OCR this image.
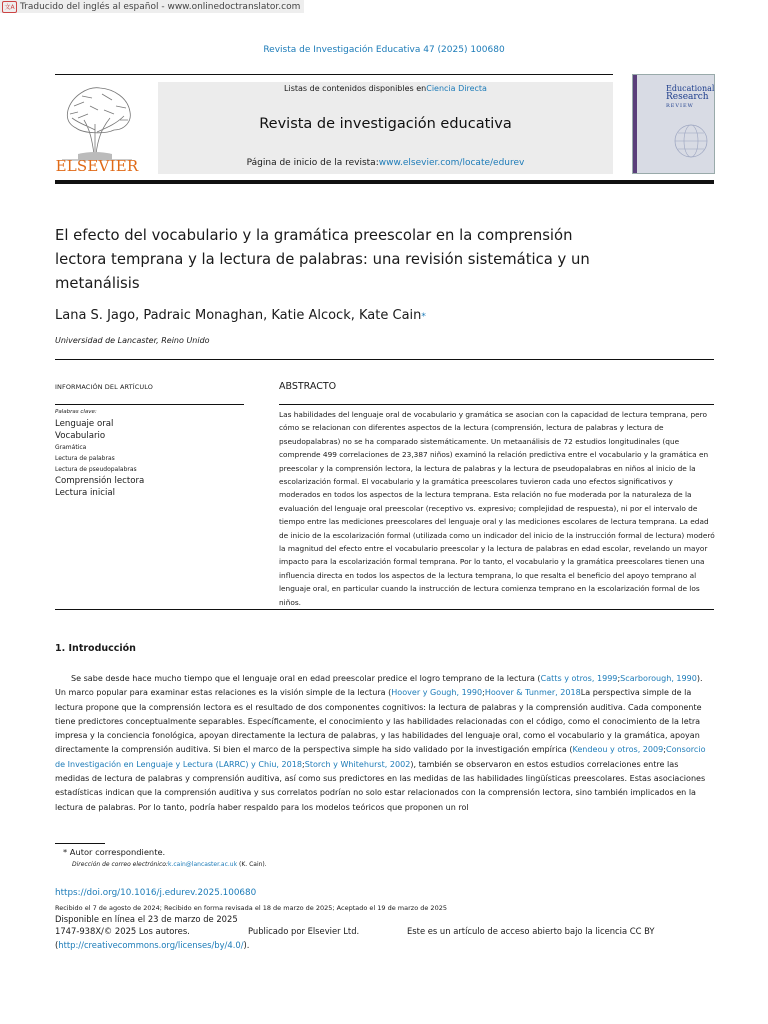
文A Traducido del inglés al español - www.onlinedoctranslator.com
Revista de Investigación Educativa 47 (2025) 100680
ELSEVIER
Listas de contenidos disponibles enCiencia Directa
Revista de investigación educativa
Página de inicio de la revista:www.elsevier.com/locate/edurev
Educational
Research
REVIEW
El efecto del vocabulario y la gramática preescolar en la comprensión lectora temprana y la lectura de palabras: una revisión sistemática y un metanálisis
Lana S. Jago, Padraic Monaghan, Katie Alcock, Kate Cain*
Universidad de Lancaster, Reino Unido
INFORMACIÓN DEL ARTÍCULO
Palabras clave:
Lenguaje oral
Vocabulario
Gramática
Lectura de palabras
Lectura de pseudopalabras
Comprensión lectora
Lectura inicial
ABSTRACTO
Las habilidades del lenguaje oral de vocabulario y gramática se asocian con la capacidad de lectura temprana, pero cómo se relacionan con diferentes aspectos de la lectura (comprensión, lectura de palabras y lectura de pseudopalabras) no se ha comparado sistemáticamente. Un metaanálisis de 72 estudios longitudinales (que comprende 499 correlaciones de 23,387 niños) examinó la relación predictiva entre el vocabulario y la gramática en preescolar y la comprensión lectora, la lectura de palabras y la lectura de pseudopalabras en niños al inicio de la escolarización formal. El vocabulario y la gramática preescolares tuvieron cada uno efectos significativos y moderados en todos los aspectos de la lectura temprana. Esta relación no fue moderada por la naturaleza de la evaluación del lenguaje oral preescolar (receptivo vs. expresivo; complejidad de respuesta), ni por el intervalo de tiempo entre las mediciones preescolares del lenguaje oral y las mediciones escolares de lectura temprana. La edad de inicio de la escolarización formal (utilizada como un indicador del inicio de la instrucción formal de lectura) moderó la magnitud del efecto entre el vocabulario preescolar y la lectura de palabras en edad escolar, revelando un mayor impacto para la escolarización formal temprana. Por lo tanto, el vocabulario y la gramática preescolares tienen una influencia directa en todos los aspectos de la lectura temprana, lo que resalta el beneficio del apoyo temprano al lenguaje oral, en particular cuando la instrucción de lectura comienza temprano en la escolarización formal de los niños.
1. Introducción
Se sabe desde hace mucho tiempo que el lenguaje oral en edad preescolar predice el logro temprano de la lectura (Catts y otros, 1999;Scarborough, 1990). Un marco popular para examinar estas relaciones es la visión simple de la lectura (Hoover y Gough, 1990;Hoover & Tunmer, 2018La perspectiva simple de la lectura propone que la comprensión lectora es el resultado de dos componentes cognitivos: la lectura de palabras y la comprensión auditiva. Cada componente tiene predictores conceptualmente separables. Específicamente, el conocimiento y las habilidades relacionadas con el código, como el conocimiento de la letra impresa y la conciencia fonológica, apoyan directamente la lectura de palabras, y las habilidades del lenguaje oral, como el vocabulario y la gramática, apoyan directamente la comprensión auditiva. Si bien el marco de la perspectiva simple ha sido validado por la investigación empírica (Kendeou y otros, 2009;Consorcio de Investigación en Lenguaje y Lectura (LARRC) y Chiu, 2018;Storch y Whitehurst, 2002), también se observaron en estos estudios correlaciones entre las medidas de lectura de palabras y comprensión auditiva, así como sus predictores en las medidas de las habilidades lingüísticas preescolares. Estas asociaciones estadísticas indican que la comprensión auditiva y sus correlatos podrían no solo estar relacionados con la comprensión lectora, sino también implicados en la lectura de palabras. Por lo tanto, podría haber respaldo para los modelos teóricos que proponen un rol
* Autor correspondiente.
Dirección de correo electrónico:k.cain@lancaster.ac.uk (K. Cain).
https://doi.org/10.1016/j.edurev.2025.100680
Recibido el 7 de agosto de 2024; Recibido en forma revisada el 18 de marzo de 2025; Aceptado el 19 de marzo de 2025
Disponible en línea el 23 de marzo de 2025
1747-938X/© 2025 Los autores.	Publicado por Elsevier Ltd.	Este es un artículo de acceso abierto bajo la licencia CC BY
(http://creativecommons.org/licenses/by/4.0/).
